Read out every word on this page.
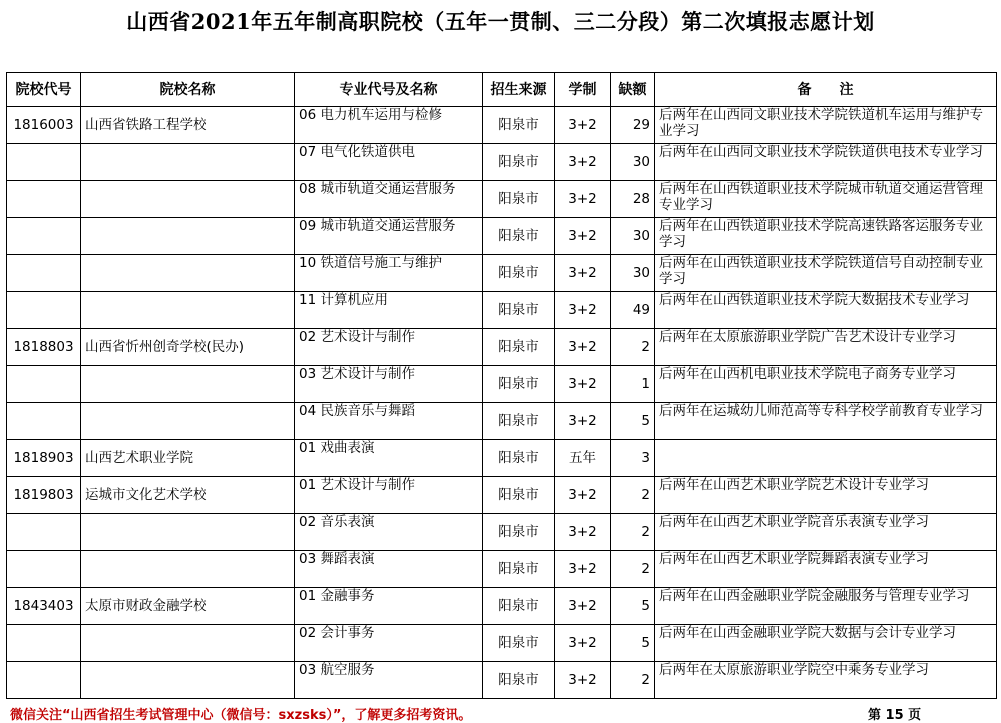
山西省2021年五年制高职院校（五年一贯制、三二分段）第二次填报志愿计划
院校代号	院校名称	专业代号及名称	招生来源	学制	缺额	备　　注
1816003	山西省铁路工程学校	06 电力机车运用与检修	阳泉市	3+2	29	后两年在山西同文职业技术学院铁道机车运用与维护专业学习
		07 电气化铁道供电	阳泉市	3+2	30	后两年在山西同文职业技术学院铁道供电技术专业学习
		08 城市轨道交通运营服务	阳泉市	3+2	28	后两年在山西铁道职业技术学院城市轨道交通运营管理专业学习
		09 城市轨道交通运营服务	阳泉市	3+2	30	后两年在山西铁道职业技术学院高速铁路客运服务专业学习
		10 铁道信号施工与维护	阳泉市	3+2	30	后两年在山西铁道职业技术学院铁道信号自动控制专业学习
		11 计算机应用	阳泉市	3+2	49	后两年在山西铁道职业技术学院大数据技术专业学习
1818803	山西省忻州创奇学校(民办)	02 艺术设计与制作	阳泉市	3+2	2	后两年在太原旅游职业学院广告艺术设计专业学习
		03 艺术设计与制作	阳泉市	3+2	1	后两年在山西机电职业技术学院电子商务专业学习
		04 民族音乐与舞蹈	阳泉市	3+2	5	后两年在运城幼儿师范高等专科学校学前教育专业学习
1818903	山西艺术职业学院	01 戏曲表演	阳泉市	五年	3	
1819803	运城市文化艺术学校	01 艺术设计与制作	阳泉市	3+2	2	后两年在山西艺术职业学院艺术设计专业学习
		02 音乐表演	阳泉市	3+2	2	后两年在山西艺术职业学院音乐表演专业学习
		03 舞蹈表演	阳泉市	3+2	2	后两年在山西艺术职业学院舞蹈表演专业学习
1843403	太原市财政金融学校	01 金融事务	阳泉市	3+2	5	后两年在山西金融职业学院金融服务与管理专业学习
		02 会计事务	阳泉市	3+2	5	后两年在山西金融职业学院大数据与会计专业学习
		03 航空服务	阳泉市	3+2	2	后两年在太原旅游职业学院空中乘务专业学习
微信关注“山西省招生考试管理中心（微信号：sxzsks）”，了解更多招考资讯。	第 15 页
